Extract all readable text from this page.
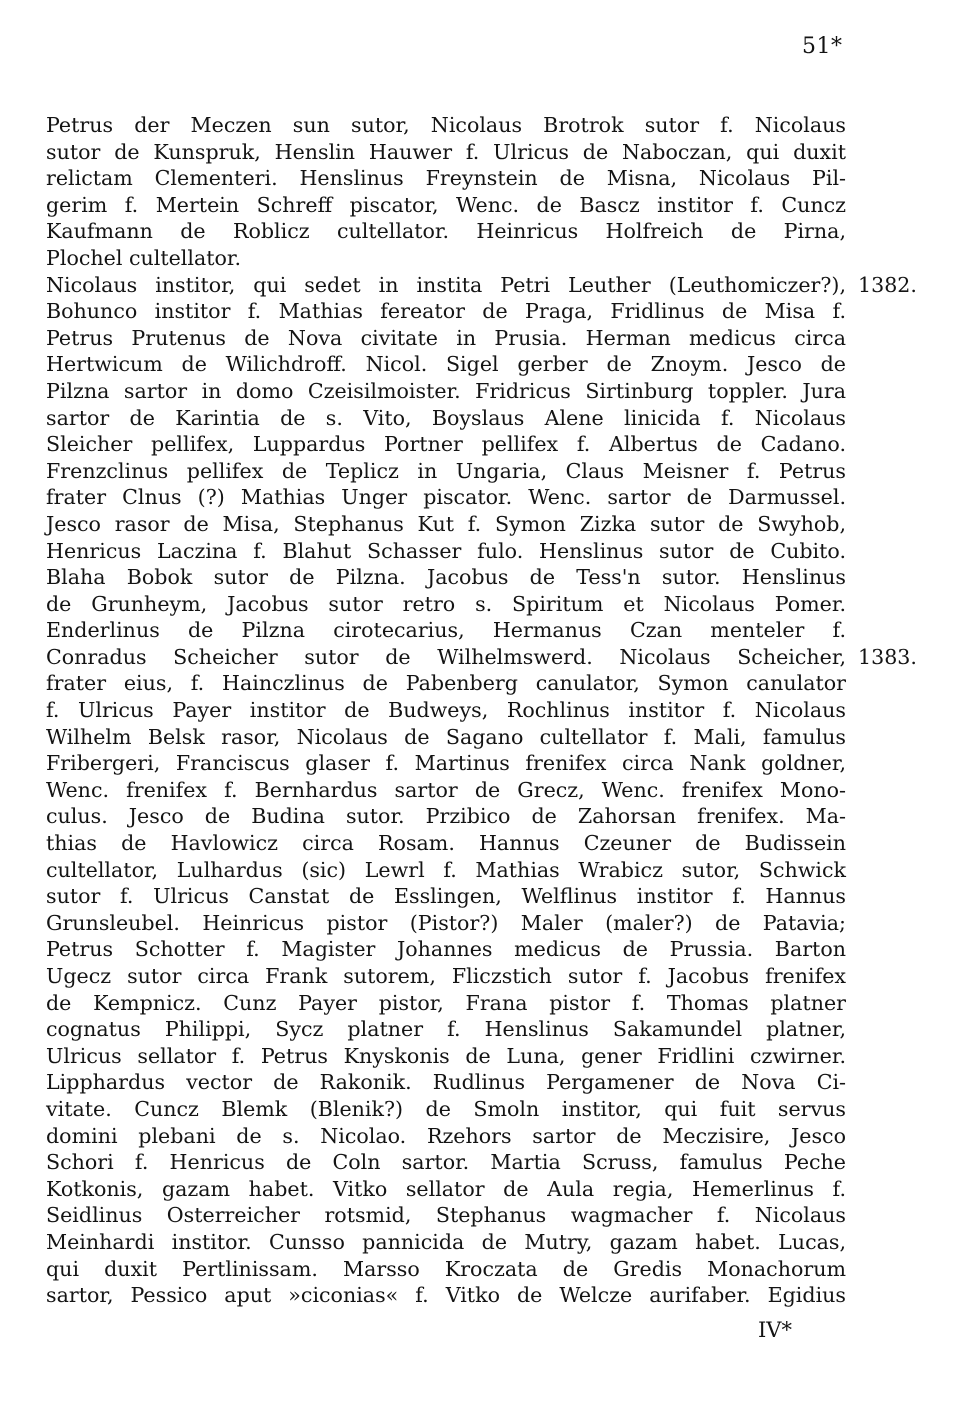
51*
Petrus der Meczen sun sutor, Nicolaus Brotrok sutor f. Nicolaus
sutor de Kunspruk, Henslin Hauwer f. Ulricus de Naboczan, qui duxit
relictam Clementeri. Henslinus Freynstein de Misna, Nicolaus Pil-
gerim f. Mertein Schreff piscator, Wenc. de Bascz institor f. Cuncz
Kaufmann de Roblicz cultellator. Heinricus Holfreich de Pirna,
Plochel cultellator.
Nicolaus institor, qui sedet in instita Petri Leuther (Leuthomiczer?),
Bohunco institor f. Mathias fereator de Praga, Fridlinus de Misa f.
Petrus Prutenus de Nova civitate in Prusia. Herman medicus circa
Hertwicum de Wilichdroff. Nicol. Sigel gerber de Znoym. Jesco de
Pilzna sartor in domo Czeisilmoister. Fridricus Sirtinburg toppler. Jura
sartor de Karintia de s. Vito, Boyslaus Alene linicida f. Nicolaus
Sleicher pellifex, Luppardus Portner pellifex f. Albertus de Cadano.
Frenzclinus pellifex de Teplicz in Ungaria, Claus Meisner f. Petrus
frater Clnus (?) Mathias Unger piscator. Wenc. sartor de Darmussel.
Jesco rasor de Misa, Stephanus Kut f. Symon Zizka sutor de Swyhob,
Henricus Laczina f. Blahut Schasser fulo. Henslinus sutor de Cubito.
Blaha Bobok sutor de Pilzna. Jacobus de Tess'n sutor. Henslinus
de Grunheym, Jacobus sutor retro s. Spiritum et Nicolaus Pomer.
Enderlinus de Pilzna cirotecarius, Hermanus Czan menteler f.
Conradus Scheicher sutor de Wilhelmswerd. Nicolaus Scheicher,
frater eius, f. Hainczlinus de Pabenberg canulator, Symon canulator
f. Ulricus Payer institor de Budweys, Rochlinus institor f. Nicolaus
Wilhelm Belsk rasor, Nicolaus de Sagano cultellator f. Mali, famulus
Fribergeri, Franciscus glaser f. Martinus frenifex circa Nank goldner,
Wenc. frenifex f. Bernhardus sartor de Grecz, Wenc. frenifex Mono-
culus. Jesco de Budina sutor. Przibico de Zahorsan frenifex. Ma-
thias de Havlowicz circa Rosam. Hannus Czeuner de Budissein
cultellator, Lulhardus (sic) Lewrl f. Mathias Wrabicz sutor, Schwick
sutor f. Ulricus Canstat de Esslingen, Welflinus institor f. Hannus
Grunsleubel. Heinricus pistor (Pistor?) Maler (maler?) de Patavia;
Petrus Schotter f. Magister Johannes medicus de Prussia. Barton
Ugecz sutor circa Frank sutorem, Fliczstich sutor f. Jacobus frenifex
de Kempnicz. Cunz Payer pistor, Frana pistor f. Thomas platner
cognatus Philippi, Sycz platner f. Henslinus Sakamundel platner,
Ulricus sellator f. Petrus Knyskonis de Luna, gener Fridlini czwirner.
Lipphardus vector de Rakonik. Rudlinus Pergamener de Nova Ci-
vitate. Cuncz Blemk (Blenik?) de Smoln institor, qui fuit servus
domini plebani de s. Nicolao. Rzehors sartor de Meczisire, Jesco
Schori f. Henricus de Coln sartor. Martia Scruss, famulus Peche
Kotkonis, gazam habet. Vitko sellator de Aula regia, Hemerlinus f.
Seidlinus Osterreicher rotsmid, Stephanus wagmacher f. Nicolaus
Meinhardi institor. Cunsso pannicida de Mutry, gazam habet. Lucas,
qui duxit Pertlinissam. Marsso Kroczata de Gredis Monachorum
sartor, Pessico aput »ciconias« f. Vitko de Welcze aurifaber. Egidius
1382.
1383.
IV*
